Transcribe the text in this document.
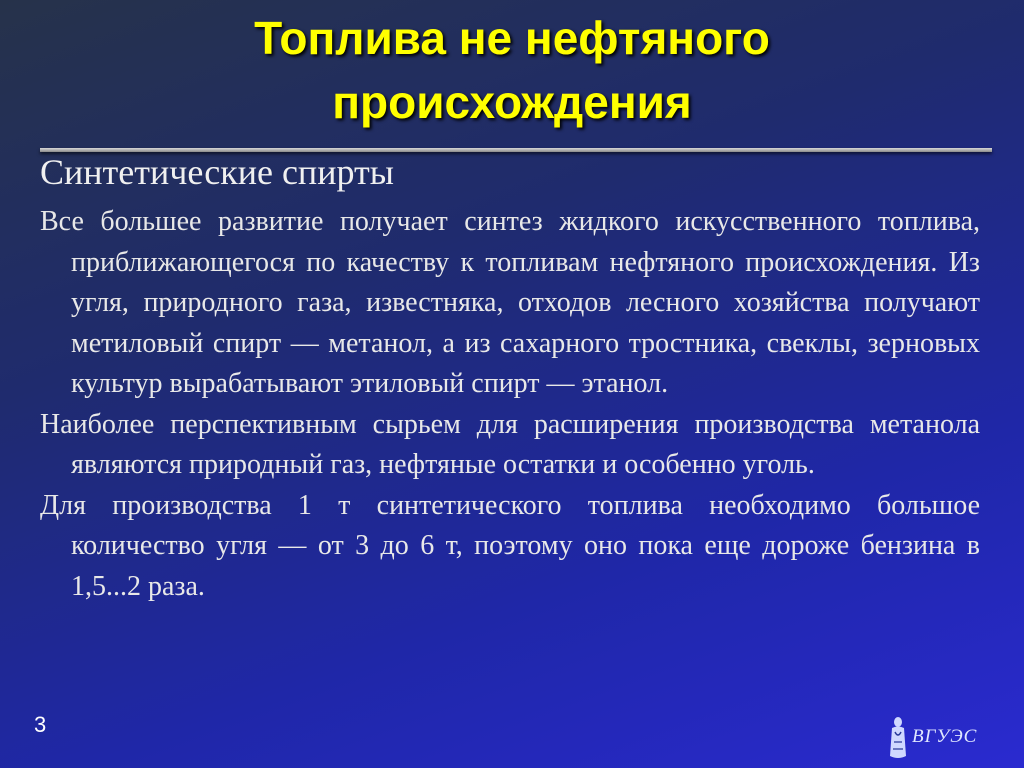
Топлива не нефтяного
происхождения
Синтетические спирты

Все большее развитие получает синтез жидкого искусственного топлива, приближающегося по качеству к топливам нефтяного происхождения. Из угля, природного газа, известняка, отходов лесного хозяйства получают метиловый спирт — метанол, а из сахарного тростника, свеклы, зерновых культур вырабатывают этиловый спирт — этанол.

Наиболее перспективным сырьем для расширения производства метанола являются природный газ, нефтяные остатки и особенно уголь.

Для производства 1 т синтетического топлива необходимо большое количество угля — от 3 до 6 т, поэтому оно пока еще дороже бензина в 1,5...2 раза.

3	ВГУЭС
